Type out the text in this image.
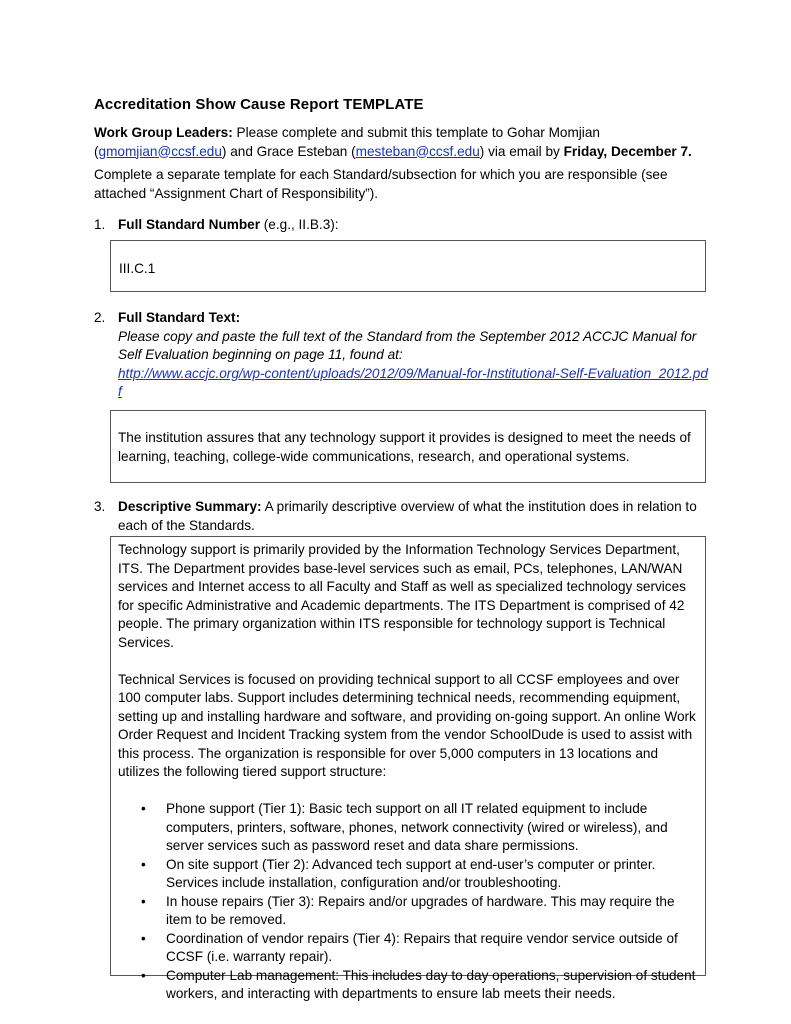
Accreditation Show Cause Report TEMPLATE
Work Group Leaders: Please complete and submit this template to Gohar Momjian (gmomjian@ccsf.edu) and Grace Esteban (mesteban@ccsf.edu) via email by Friday, December 7.
Complete a separate template for each Standard/subsection for which you are responsible (see attached “Assignment Chart of Responsibility”).
1. Full Standard Number (e.g., II.B.3):
III.C.1
2. Full Standard Text:
Please copy and paste the full text of the Standard from the September 2012 ACCJC Manual for Self Evaluation beginning on page 11, found at:
http://www.accjc.org/wp-content/uploads/2012/09/Manual-for-Institutional-Self-Evaluation_2012.pdf
The institution assures that any technology support it provides is designed to meet the needs of learning, teaching, college-wide communications, research, and operational systems.
3. Descriptive Summary: A primarily descriptive overview of what the institution does in relation to each of the Standards.

Technology support is primarily provided by the Information Technology Services Department, ITS. The Department provides base-level services such as email, PCs, telephones, LAN/WAN services and Internet access to all Faculty and Staff as well as specialized technology services for specific Administrative and Academic departments. The ITS Department is comprised of 42 people. The primary organization within ITS responsible for technology support is Technical Services.

Technical Services is focused on providing technical support to all CCSF employees and over 100 computer labs. Support includes determining technical needs, recommending equipment, setting up and installing hardware and software, and providing on-going support. An online Work Order Request and Incident Tracking system from the vendor SchoolDude is used to assist with this process. The organization is responsible for over 5,000 computers in 13 locations and utilizes the following tiered support structure:

• Phone support (Tier 1): Basic tech support on all IT related equipment to include computers, printers, software, phones, network connectivity (wired or wireless), and server services such as password reset and data share permissions.
• On site support (Tier 2): Advanced tech support at end-user’s computer or printer. Services include installation, configuration and/or troubleshooting.
• In house repairs (Tier 3): Repairs and/or upgrades of hardware. This may require the item to be removed.
• Coordination of vendor repairs (Tier 4): Repairs that require vendor service outside of CCSF (i.e. warranty repair).
• Computer Lab management: This includes day to day operations, supervision of student workers, and interacting with departments to ensure lab meets their needs.
